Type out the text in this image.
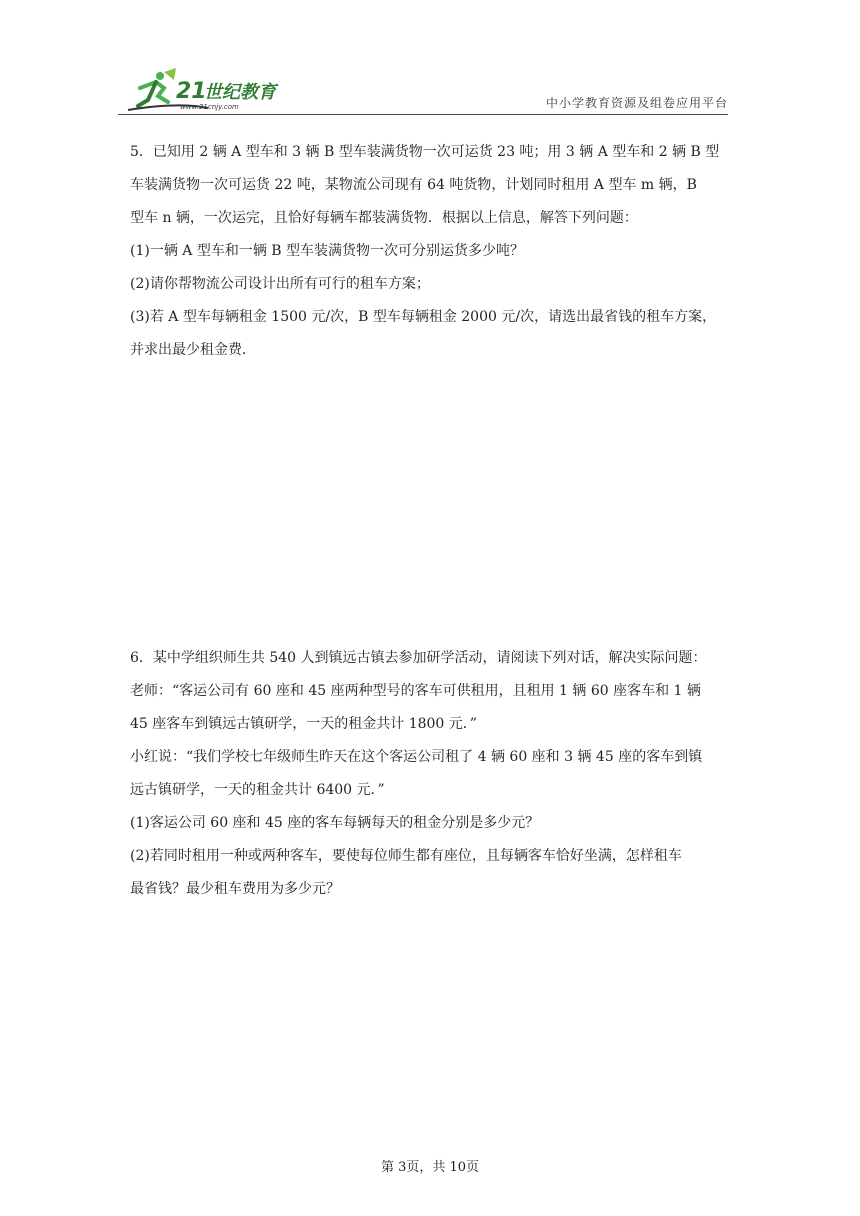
21
世纪教育
www.21cnjy.com	中小学教育资源及组卷应用平台
5．已知用 2 辆 A 型车和 3 辆 B 型车装满货物一次可运货 23 吨；用 3 辆 A 型车和 2 辆 B 型
车装满货物一次可运货 22 吨，某物流公司现有 64 吨货物，计划同时租用 A 型车 m 辆，B
型车 n 辆，一次运完，且恰好每辆车都装满货物．根据以上信息，解答下列问题：
(1)一辆 A 型车和一辆 B 型车装满货物一次可分别运货多少吨？
(2)请你帮物流公司设计出所有可行的租车方案；
(3)若 A 型车每辆租金 1500 元/次，B 型车每辆租金 2000 元/次，请选出最省钱的租车方案，
并求出最少租金费．
6．某中学组织师生共 540 人到镇远古镇去参加研学活动，请阅读下列对话，解决实际问题：
老师：“客运公司有 60 座和 45 座两种型号的客车可供租用，且租用 1 辆 60 座客车和 1 辆
45 座客车到镇远古镇研学，一天的租金共计 1800 元．”
小红说：“我们学校七年级师生昨天在这个客运公司租了 4 辆 60 座和 3 辆 45 座的客车到镇
远古镇研学，一天的租金共计 6400 元．”
(1)客运公司 60 座和 45 座的客车每辆每天的租金分别是多少元？
(2)若同时租用一种或两种客车，要使每位师生都有座位，且每辆客车恰好坐满，怎样租车
最省钱？最少租车费用为多少元？
第 3页，共 10页
